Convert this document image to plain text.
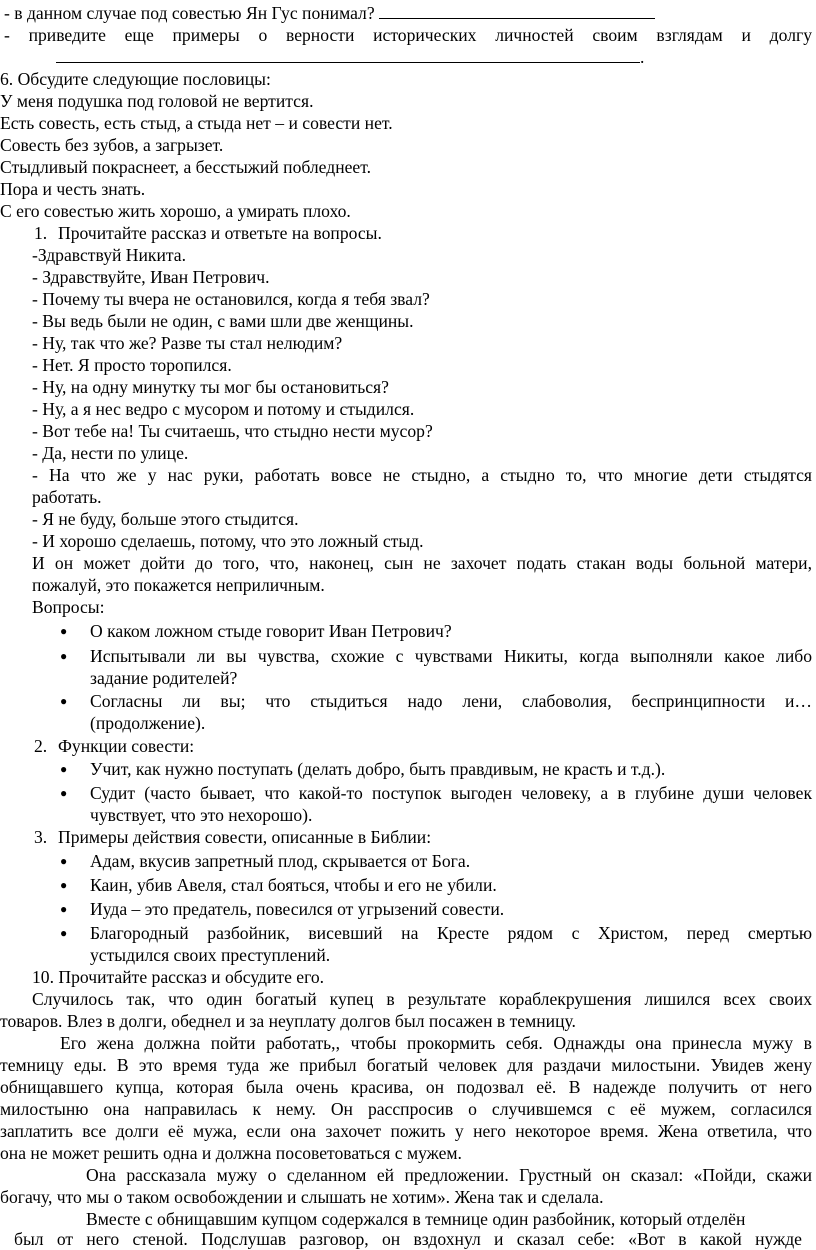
- в данном случае под совестью Ян Гус понимал?
- приведите еще примеры о верности исторических личностей своим взглядам и долгу
.
6. Обсудите следующие пословицы:
У меня подушка под головой не вертится.
Есть совесть, есть стыд, а стыда нет – и совести нет.
Совесть без зубов, а загрызет.
Стыдливый покраснеет, а бесстыжий побледнеет.
Пора и честь знать.
С его совестью жить хорошо, а умирать плохо.
1. Прочитайте рассказ и ответьте на вопросы.
-Здравствуй Никита.
- Здравствуйте, Иван Петрович.
- Почему ты вчера не остановился, когда я тебя звал?
- Вы ведь были не один, с вами шли две женщины.
- Ну, так что же? Разве ты стал нелюдим?
- Нет. Я просто торопился.
- Ну, на одну минутку ты мог бы остановиться?
- Ну, а я нес ведро с мусором и потому и стыдился.
- Вот тебе на! Ты считаешь, что стыдно нести мусор?
- Да, нести по улице.
- На что же у нас руки, работать вовсе не стыдно, а стыдно то, что многие дети стыдятся
работать.
- Я не буду, больше этого стыдится.
- И хорошо сделаешь, потому, что это ложный стыд.
И он может дойти до того, что, наконец, сын не захочет подать стакан воды больной матери,
пожалуй, это покажется неприличным.
Вопросы:
● О каком ложном стыде говорит Иван Петрович?
● Испытывали ли вы чувства, схожие с чувствами Никиты, когда выполняли какое либо
задание родителей?
● Согласны ли вы; что стыдиться надо лени, слабоволия, беспринципности и…
(продолжение).
2. Функции совести:
● Учит, как нужно поступать (делать добро, быть правдивым, не красть и т.д.).
● Судит (часто бывает, что какой-то поступок выгоден человеку, а в глубине души человек
чувствует, что это нехорошо).
3. Примеры действия совести, описанные в Библии:
● Адам, вкусив запретный плод, скрывается от Бога.
● Каин, убив Авеля, стал бояться, чтобы и его не убили.
● Иуда – это предатель, повесился от угрызений совести.
● Благородный разбойник, висевший на Кресте рядом с Христом, перед смертью
устыдился своих преступлений.
10. Прочитайте рассказ и обсудите его.
Случилось так, что один богатый купец в результате кораблекрушения лишился всех своих
товаров. Влез в долги, обеднел и за неуплату долгов был посажен в темницу.
Его жена должна пойти работать,, чтобы прокормить себя. Однажды она принесла мужу в
темницу еды. В это время туда же прибыл богатый человек для раздачи милостыни. Увидев жену
обнищавшего купца, которая была очень красива, он подозвал её. В надежде получить от него
милостыню она направилась к нему. Он расспросив о случившемся с её мужем, согласился
заплатить все долги её мужа, если она захочет пожить у него некоторое время. Жена ответила, что
она не может решить одна и должна посоветоваться с мужем.
Она рассказала мужу о сделанном ей предложении. Грустный он сказал: «Пойди, скажи
богачу, что мы о таком освобождении и слышать не хотим». Жена так и сделала.
Вместе с обнищавшим купцом содержался в темнице один разбойник, который отделён
был от него стеной. Подслушав разговор, он вздохнул и сказал себе: «Вот в какой нужде
